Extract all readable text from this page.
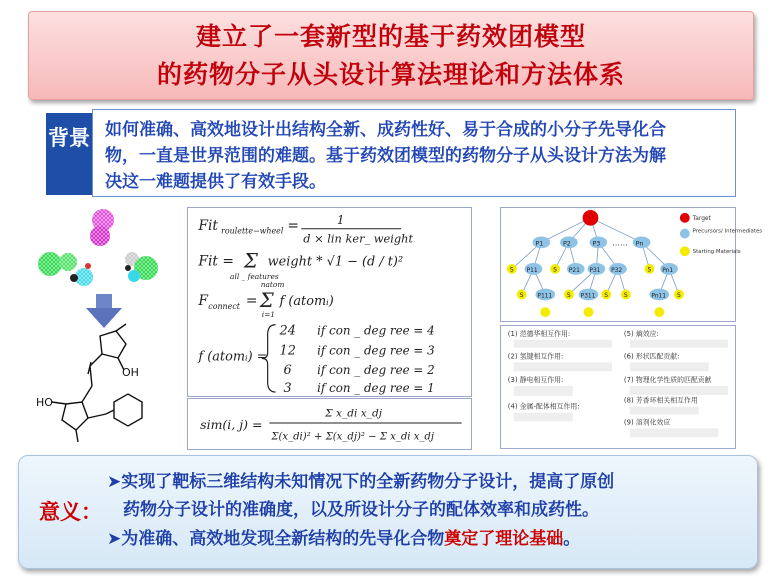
建立了一套新型的基于药效团模型
的药物分子从头设计算法理论和方法体系
背景 如何准确、高效地设计出结构全新、成药性好、易于合成的小分子先导化合
物，一直是世界范围的难题。基于药效团模型的药物分子从头设计方法为解
决这一难题提供了有效手段。
OH
HO
Fit roulette−wheel =	1
d × lin ker_ weight
Fit = Σ
all _ features
weight * √1 − (d / t)²
F connect =
natom
Σ
i=1
f (atomᵢ)
f (atomᵢ) =
24 if con _ deg ree = 4
12 if con _ deg ree = 3
6 if con _ deg ree = 2
3 if con _ deg ree = 1
sim(i, j) =
Σ x_di x_dj
Σ(x_di)² + Σ(x_dj)² − Σ x_di x_dj
P1	P2	P3 …… Pn
P11	P21 P31 P32	Pn1
P111	P311	Pn11
S	S	S
S	S	S	S	S
Target
Precursors/ Intermediates
Starting Materials
(1) 范德华相互作用:
(2) 氢键相互作用:
(3) 静电相互作用:
(4) 金属-配体相互作用:
(5) 熵效应:
(6) 形状匹配贡献:
(7) 物理化学性质的匹配贡献
(8) 芳香环相关相互作用
(9) 溶剂化效应
意义：
➤实现了靶标三维结构未知情况下的全新药物分子设计，提高了原创
药物分子设计的准确度，以及所设计分子的配体效率和成药性。
➤为准确、高效地发现全新结构的先导化合物奠定了理论基础。
